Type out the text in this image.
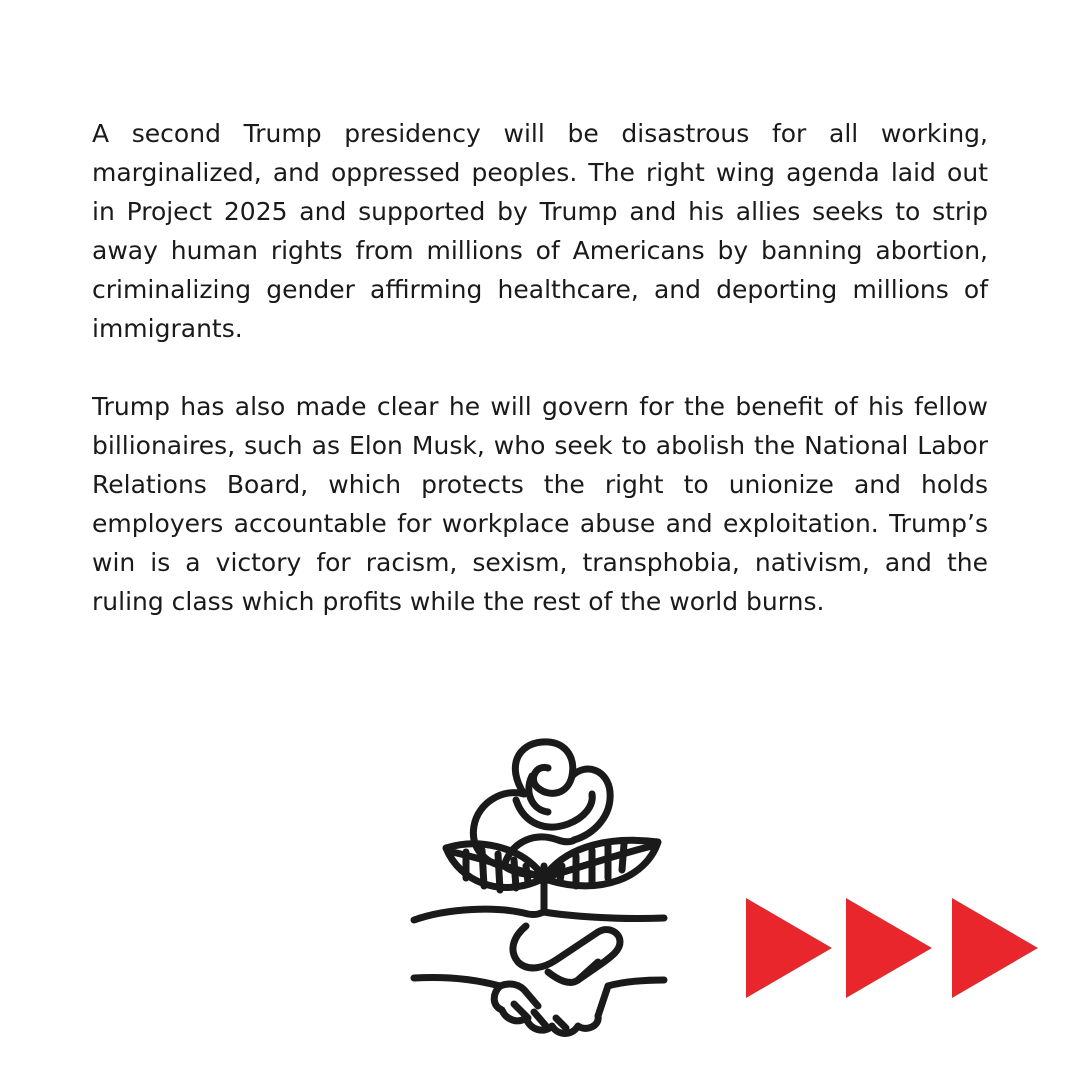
A second Trump presidency will be disastrous for all working, marginalized, and oppressed peoples. The right wing agenda laid out in Project 2025 and supported by Trump and his allies seeks to strip away human rights from millions of Americans by banning abortion, criminalizing gender affirming healthcare, and deporting millions of immigrants.

Trump has also made clear he will govern for the benefit of his fellow billionaires, such as Elon Musk, who seek to abolish the National Labor Relations Board, which protects the right to unionize and holds employers accountable for workplace abuse and exploitation. Trump’s win is a victory for racism, sexism, transphobia, nativism, and the ruling class which profits while the rest of the world burns.
